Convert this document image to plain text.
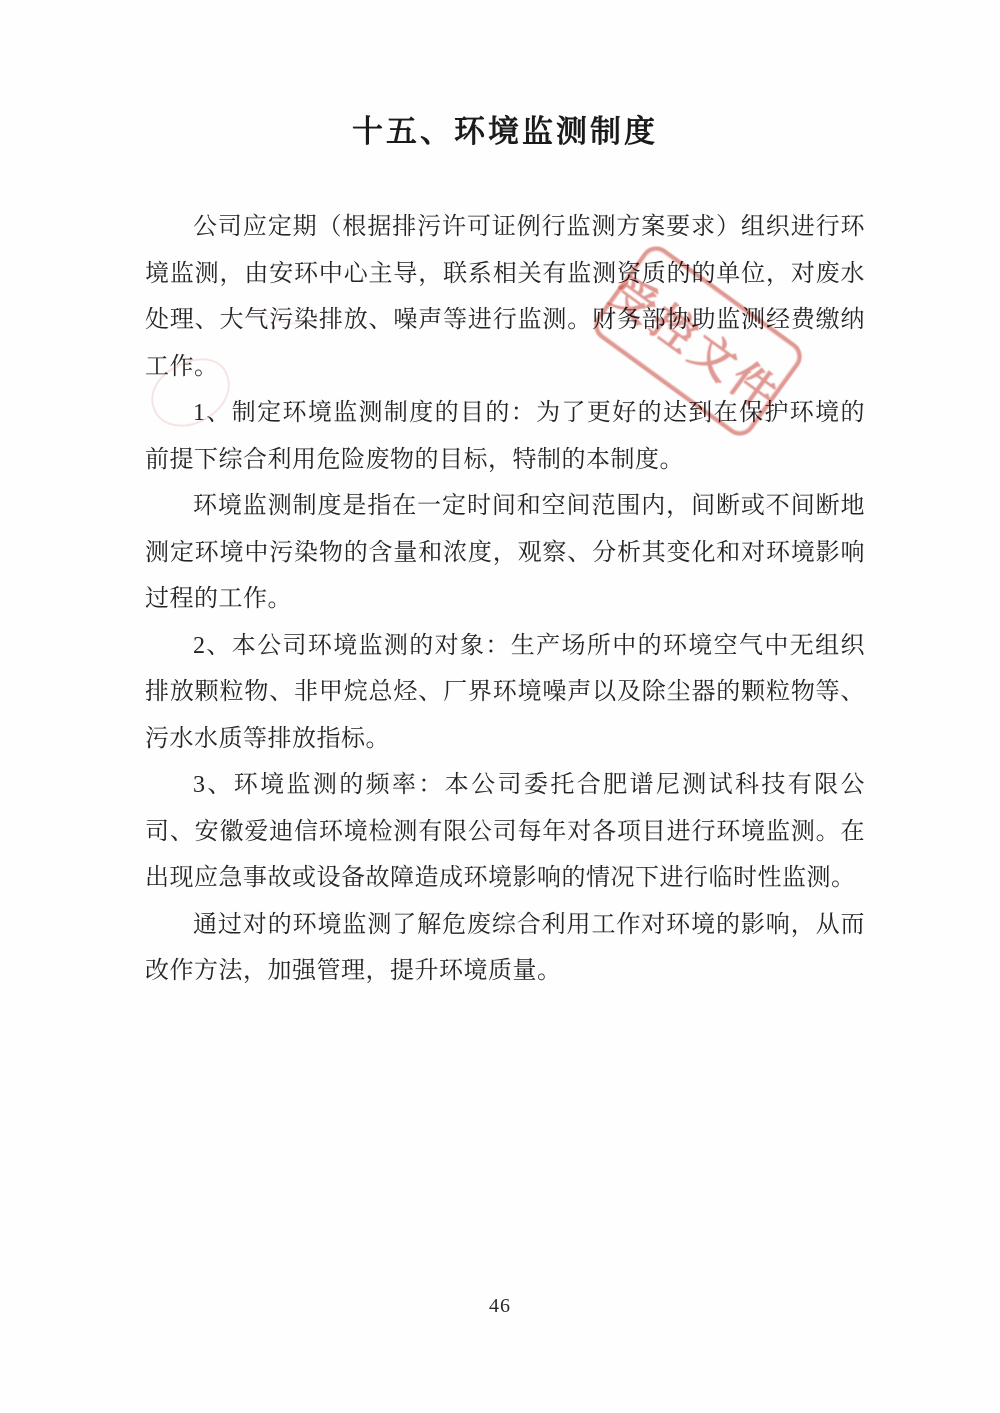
十五、环境监测制度

公司应定期（根据排污许可证例行监测方案要求）组织进行环境监测，由安环中心主导，联系相关有监测资质的的单位，对废水处理、大气污染排放、噪声等进行监测。财务部协助监测经费缴纳工作。

1、制定环境监测制度的目的：为了更好的达到在保护环境的前提下综合利用危险废物的目标，特制的本制度。

环境监测制度是指在一定时间和空间范围内，间断或不间断地测定环境中污染物的含量和浓度，观察、分析其变化和对环境影响过程的工作。

2、本公司环境监测的对象：生产场所中的环境空气中无组织排放颗粒物、非甲烷总烃、厂界环境噪声以及除尘器的颗粒物等、污水水质等排放指标。

3、环境监测的频率：本公司委托合肥谱尼测试科技有限公司、安徽爱迪信环境检测有限公司每年对各项目进行环境监测。在出现应急事故或设备故障造成环境影响的情况下进行临时性监测。

通过对的环境监测了解危废综合利用工作对环境的影响，从而改作方法，加强管理，提升环境质量。

受控文件
46
